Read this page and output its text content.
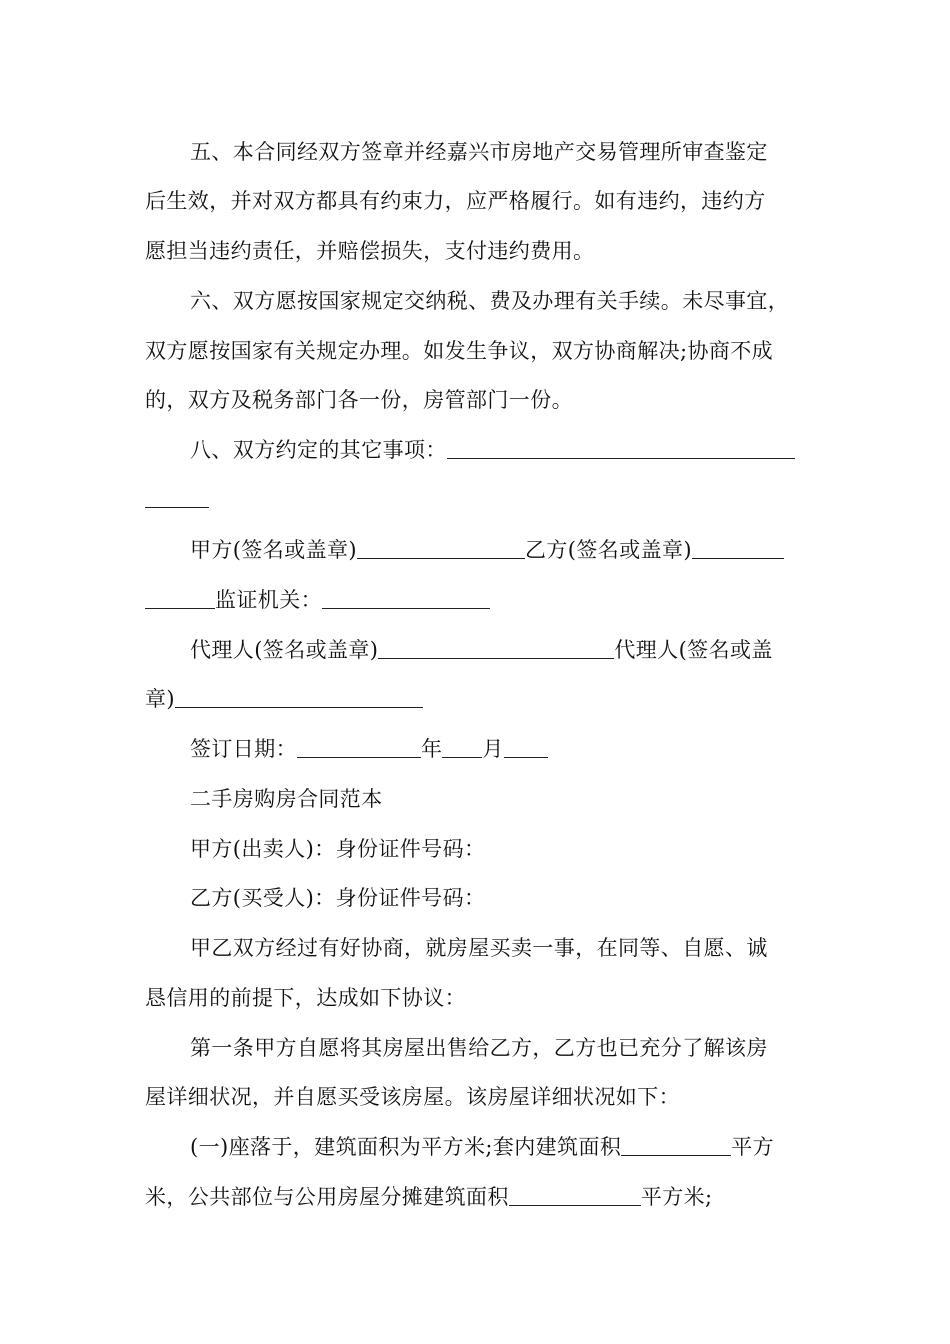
五、本合同经双方签章并经嘉兴市房地产交易管理所审查鉴定
后生效，并对双方都具有约束力，应严格履行。如有违约，违约方
愿担当违约责任，并赔偿损失，支付违约费用。
六、双方愿按国家规定交纳税、费及办理有关手续。未尽事宜，
双方愿按国家有关规定办理。如发生争议，双方协商解决;协商不成
的，双方及税务部门各一份，房管部门一份。
八、双方约定的其它事项：
甲方(签名或盖章)	乙方(签名或盖章)
监证机关：
代理人(签名或盖章)	代理人(签名或盖
章)
签订日期：	年 月
二手房购房合同范本
甲方(出卖人)：身份证件号码：
乙方(买受人)：身份证件号码：
甲乙双方经过有好协商，就房屋买卖一事，在同等、自愿、诚
恳信用的前提下，达成如下协议：
第一条甲方自愿将其房屋出售给乙方，乙方也已充分了解该房
屋详细状况，并自愿买受该房屋。该房屋详细状况如下：
(一)座落于，建筑面积为平方米;套内建筑面积	平方
米，公共部位与公用房屋分摊建筑面积	平方米;
